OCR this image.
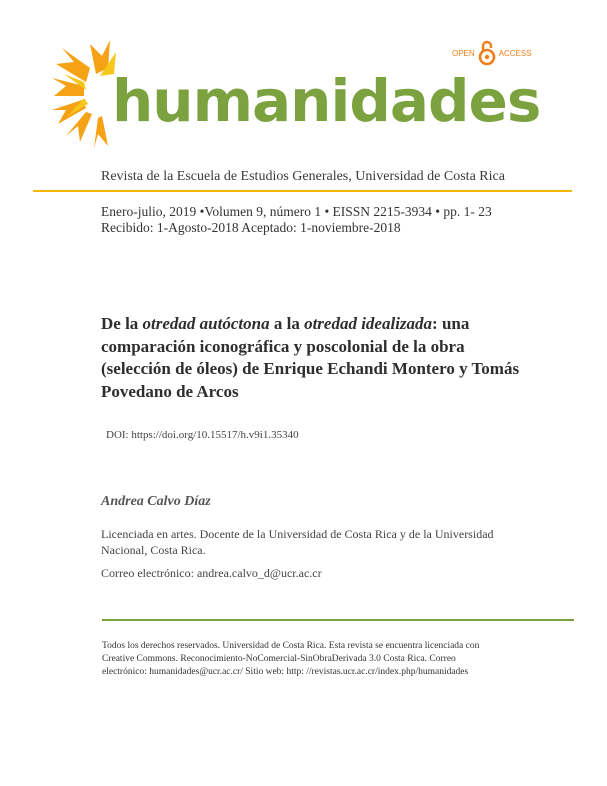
humanidades
OPEN	ACCESS
Revista de la Escuela de Estudios Generales, Universidad de Costa Rica
Enero-julio, 2019 •Volumen 9, número 1 • EISSN 2215-3934 • pp. 1- 23
Recibido: 1-Agosto-2018 Aceptado: 1-noviembre-2018
De la otredad autóctona a la otredad idealizada: una comparación iconográfica y poscolonial de la obra (selección de óleos) de Enrique Echandi Montero y Tomás Povedano de Arcos
DOI: https://doi.org/10.15517/h.v9i1.35340
Andrea Calvo Díaz
Licenciada en artes. Docente de la Universidad de Costa Rica y de la Universidad Nacional, Costa Rica.
Correo electrónico: andrea.calvo_d@ucr.ac.cr
Todos los derechos reservados. Universidad de Costa Rica. Esta revista se encuentra licenciada con Creative Commons. Reconocimiento-NoComercial-SinObraDerivada 3.0 Costa Rica. Correo electrónico: humanidades@ucr.ac.cr/ Sitio web: http: //revistas.ucr.ac.cr/index.php/humanidades
